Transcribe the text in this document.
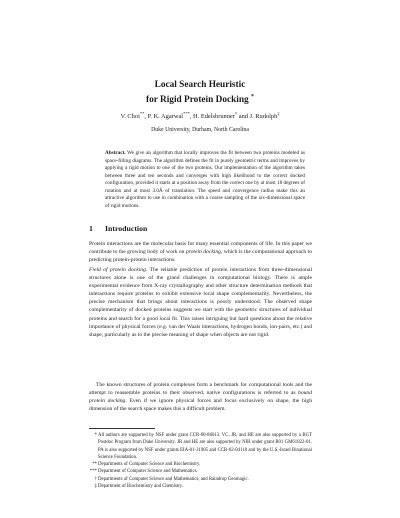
Local Search Heuristic
for Rigid Protein Docking *
V. Choi**, P. K. Agarwal***, H. Edelsbrunner† and J. Rudolph‡
Duke University, Durham, North Carolina
Abstract. We give an algorithm that locally improves the fit between two proteins modeled as space-filling diagrams. The algorithm defines the fit in purely geometric terms and improves by applying a rigid motion to one of the two proteins. Our implementation of the algorithm takes between three and ten seconds and converges with high likelihood to the correct docked configuration, provided it starts at a position away from the correct one by at most 18 degrees of rotation and at most 3.0Å of translation. The speed and convergence radius make this an attractive algorithm to use in combination with a coarse sampling of the six-dimensional space of rigid motions.
1 Introduction

Protein interactions are the molecular basis for many essential components of life. In this paper we contribute to the growing body of work on protein docking, which is the computational approach to predicting protein-protein interactions.

Field of protein docking. The reliable prediction of protein interactions from three-dimensional structures alone is one of the grand challenges in computational biology. There is ample experimental evidence from X-ray crystallography and other structure determination methods that interactions require proteins to exhibit extensive local shape complementarity. Nevertheless, the precise mechanism that brings about interactions is poorly understood. The observed shape complementarity of docked proteins suggests we start with the geometric structures of individual proteins and search for a good local fit. This raises intriguing but hard questions about the relative importance of physical forces (e.g. van der Waals interactions, hydrogen bonds, ion-pairs, etc.) and shape, particularly as to the precise meaning of shape when objects are not rigid.

The known structures of protein complexes form a benchmark for computational tools and the attempt to reassemble proteins to their observed, native configurations is referred to as bound protein docking. Even if we ignore physical forces and focus exclusively on shape, the high dimension of the search space makes this a difficult problem.

*All authors are supported by NSF under grant CCR-00-86013. VC, JR, and HE are also supported by a BGT Postdoc Program from Duke University. JR and HE are also supported by NIH under grant R01 GM61822-01. PA is also supported by NSF under grants EIA-01-31905 and CCR-02-04118 and by the U.S.-Israel Binational Science Foundation.

**Departments of Computer Science and Biochemistry.

***Department of Computer Science and Mathematics.

†Departments of Computer Science and Mathematics, and Raindrop Geomagic.

‡Department of Biochemistry and Chemistry.
